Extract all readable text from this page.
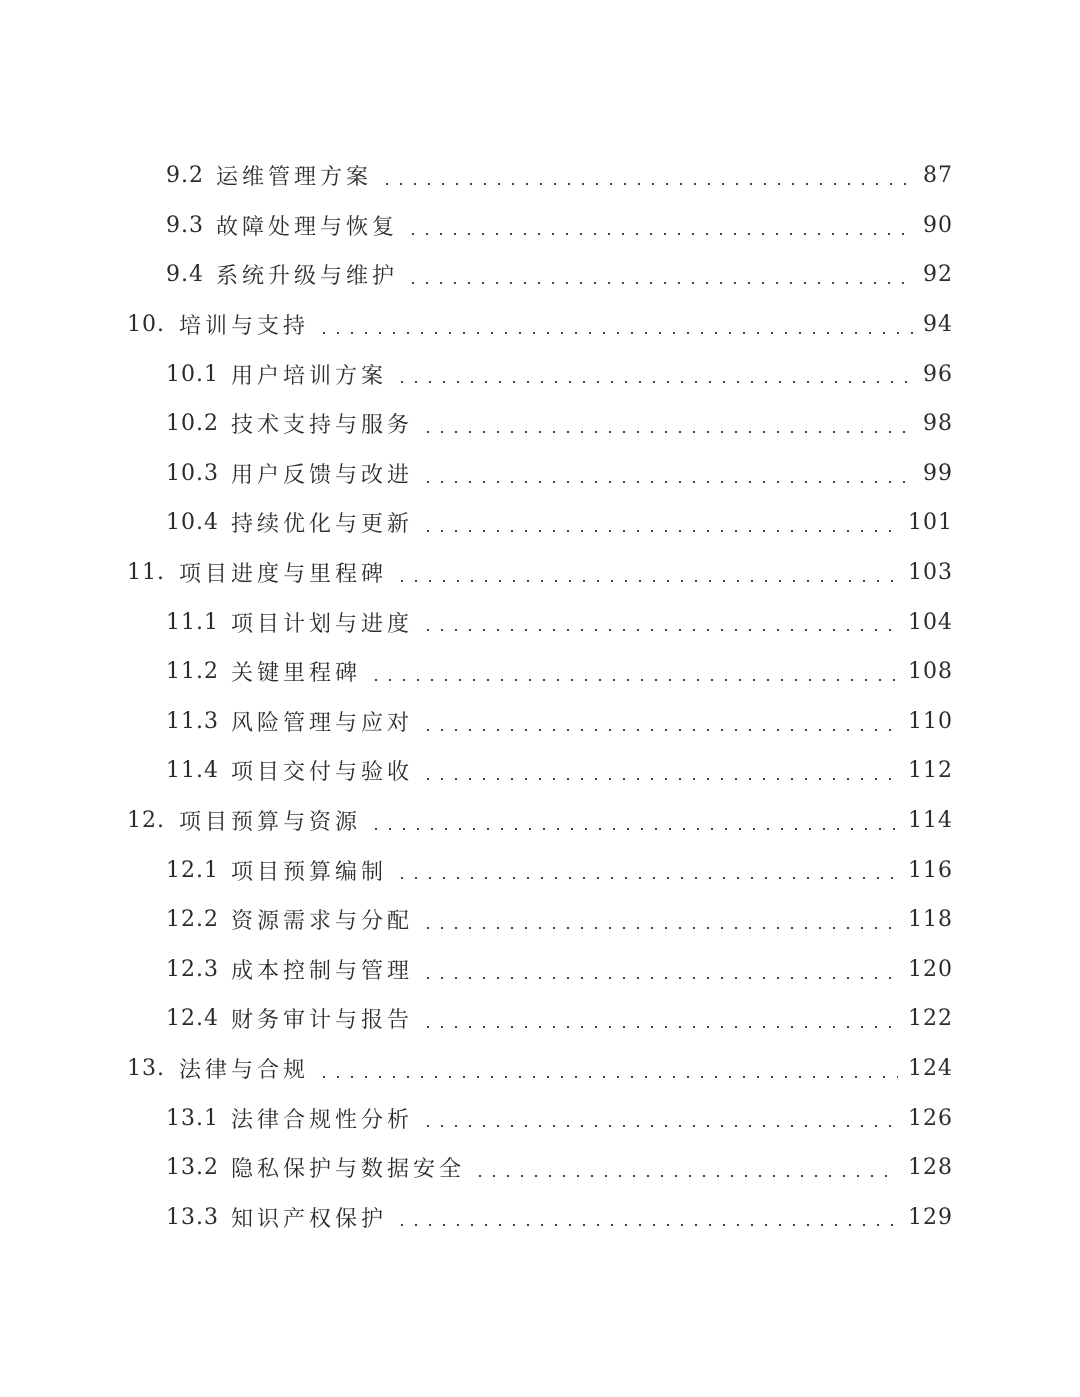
9.2 运维管理方案	87
9.3 故障处理与恢复	90
9.4 系统升级与维护	92
10. 培训与支持	94
10.1 用户培训方案	96
10.2 技术支持与服务	98
10.3 用户反馈与改进	99
10.4 持续优化与更新	101
11. 项目进度与里程碑	103
11.1 项目计划与进度	104
11.2 关键里程碑	108
11.3 风险管理与应对	110
11.4 项目交付与验收	112
12. 项目预算与资源	114
12.1 项目预算编制	116
12.2 资源需求与分配	118
12.3 成本控制与管理	120
12.4 财务审计与报告	122
13. 法律与合规	124
13.1 法律合规性分析	126
13.2 隐私保护与数据安全	128
13.3 知识产权保护	129
